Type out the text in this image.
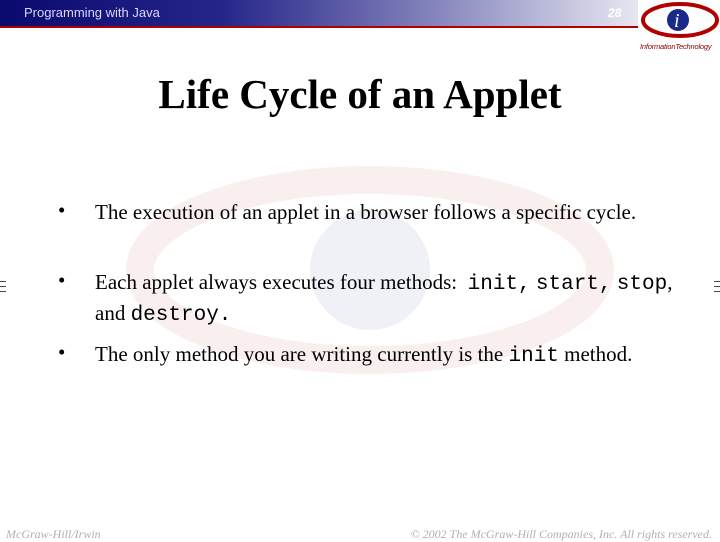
Programming with Java	28	i
InformationTechnology
Life Cycle of an Applet
• The execution of an applet in a browser follows a specific cycle.
• Each applet always executes four methods: init, start, stop, and destroy.
• The only method you are writing currently is the init method.
McGraw-Hill/Irwin	© 2002 The McGraw-Hill Companies, Inc. All rights reserved.
